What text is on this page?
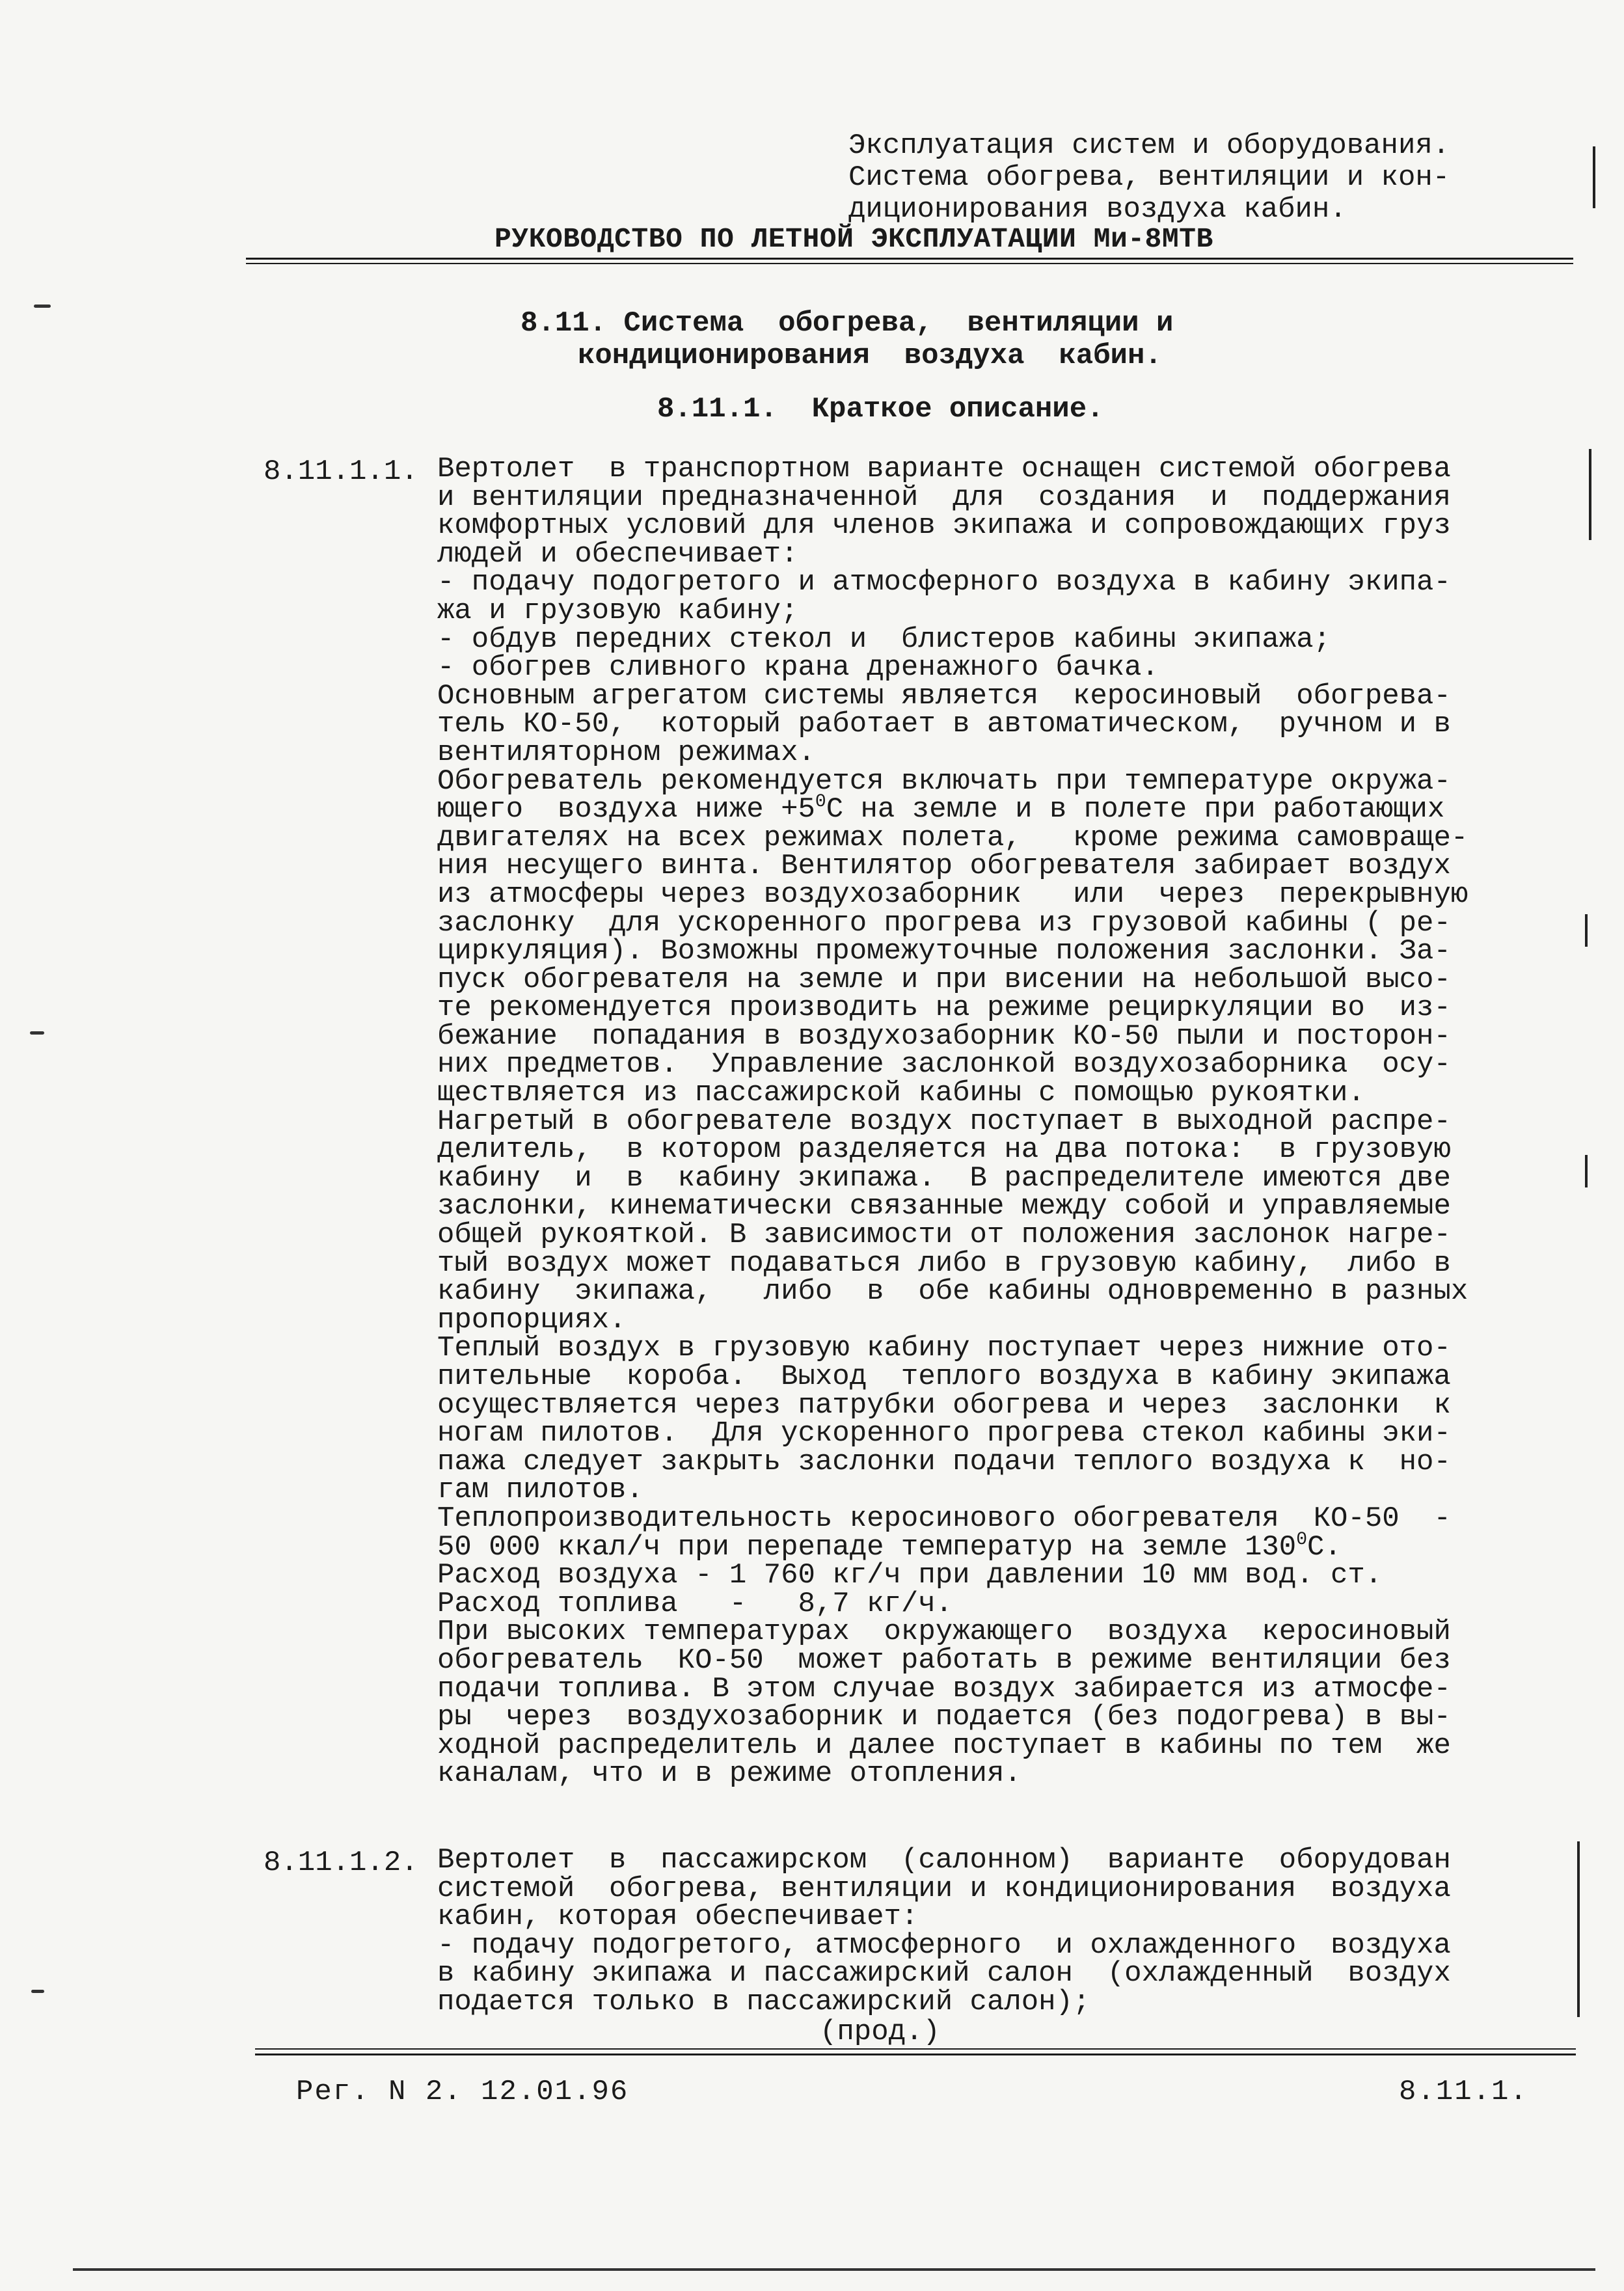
Эксплуатация систем и оборудования.
Система обогрева, вентиляции и кон-
диционирования воздуха кабин.
РУКОВОДСТВО ПО ЛЕТНОЙ ЭКСПЛУАТАЦИИ Ми-8МТВ
8.11. Система  обогрева,  вентиляции и
кондиционирования  воздуха  кабин.
8.11.1.  Краткое описание.
8.11.1.1. Вертолет  в транспортном варианте оснащен системой обогрева
и вентиляции предназначенной  для  создания  и  поддержания
комфортных условий для членов экипажа и сопровождающих груз
людей и обеспечивает:
- подачу подогретого и атмосферного воздуха в кабину экипа-
жа и грузовую кабину;
- обдув передних стекол и  блистеров кабины экипажа;
- обогрев сливного крана дренажного бачка.
Основным агрегатом системы является  керосиновый  обогрева-
тель КО-50,  который работает в автоматическом,  ручном и в
вентиляторном режимах.
Обогреватель рекомендуется включать при температуре окружа-
ющего  воздуха ниже $+5^0С$ на земле и в полете при работающих
двигателях на всех режимах полета,   кроме режима самовраще-
ния несущего винта. Вентилятор обогревателя забирает воздух
из атмосферы через воздухозаборник   или  через  перекрывную
заслонку  для ускоренного прогрева из грузовой кабины ( ре-
циркуляция). Возможны промежуточные положения заслонки. За-
пуск обогревателя на земле и при висении на небольшой высо-
те рекомендуется производить на режиме рециркуляции во  из-
бежание  попадания в воздухозаборник КО-50 пыли и посторон-
них предметов.  Управление заслонкой воздухозаборника  осу-
ществляется из пассажирской кабины с помощью рукоятки.
Нагретый в обогревателе воздух поступает в выходной распре-
делитель,  в котором разделяется на два потока:  в грузовую
кабину  и  в  кабину экипажа.  В распределителе имеются две
заслонки, кинематически связанные между собой и управляемые
общей рукояткой. В зависимости от положения заслонок нагре-
тый воздух может подаваться либо в грузовую кабину,  либо в
кабину  экипажа,   либо  в  обе кабины одновременно в разных
пропорциях.
Теплый воздух в грузовую кабину поступает через нижние ото-
пительные  короба.  Выход  теплого воздуха в кабину экипажа
осуществляется через патрубки обогрева и через  заслонки  к
ногам пилотов.  Для ускоренного прогрева стекол кабины эки-
пажа следует закрыть заслонки подачи теплого воздуха к  но-
гам пилотов.
Теплопроизводительность керосинового обогревателя  КО-50  -
50 000 ккал/ч при перепаде температур на земле $130^0С$.
Расход воздуха - 1 760 кг/ч при давлении 10 мм вод. ст.
Расход топлива   -   8,7 кг/ч.
При высоких температурах  окружающего  воздуха  керосиновый
обогреватель  КО-50  может работать в режиме вентиляции без
подачи топлива. В этом случае воздух забирается из атмосфе-
ры  через  воздухозаборник и подается (без подогрева) в вы-
ходной распределитель и далее поступает в кабины по тем  же
каналам, что и в режиме отопления.
8.11.1.2. Вертолет  в  пассажирском  (салонном)  варианте  оборудован
системой  обогрева, вентиляции и кондиционирования  воздуха
кабин, которая обеспечивает:
- подачу подогретого, атмосферного  и охлажденного  воздуха
в кабину экипажа и пассажирский салон  (охлажденный  воздух
подается только в пассажирский салон);
(прод.)
Рег. N 2. 12.01.96	8.11.1.
